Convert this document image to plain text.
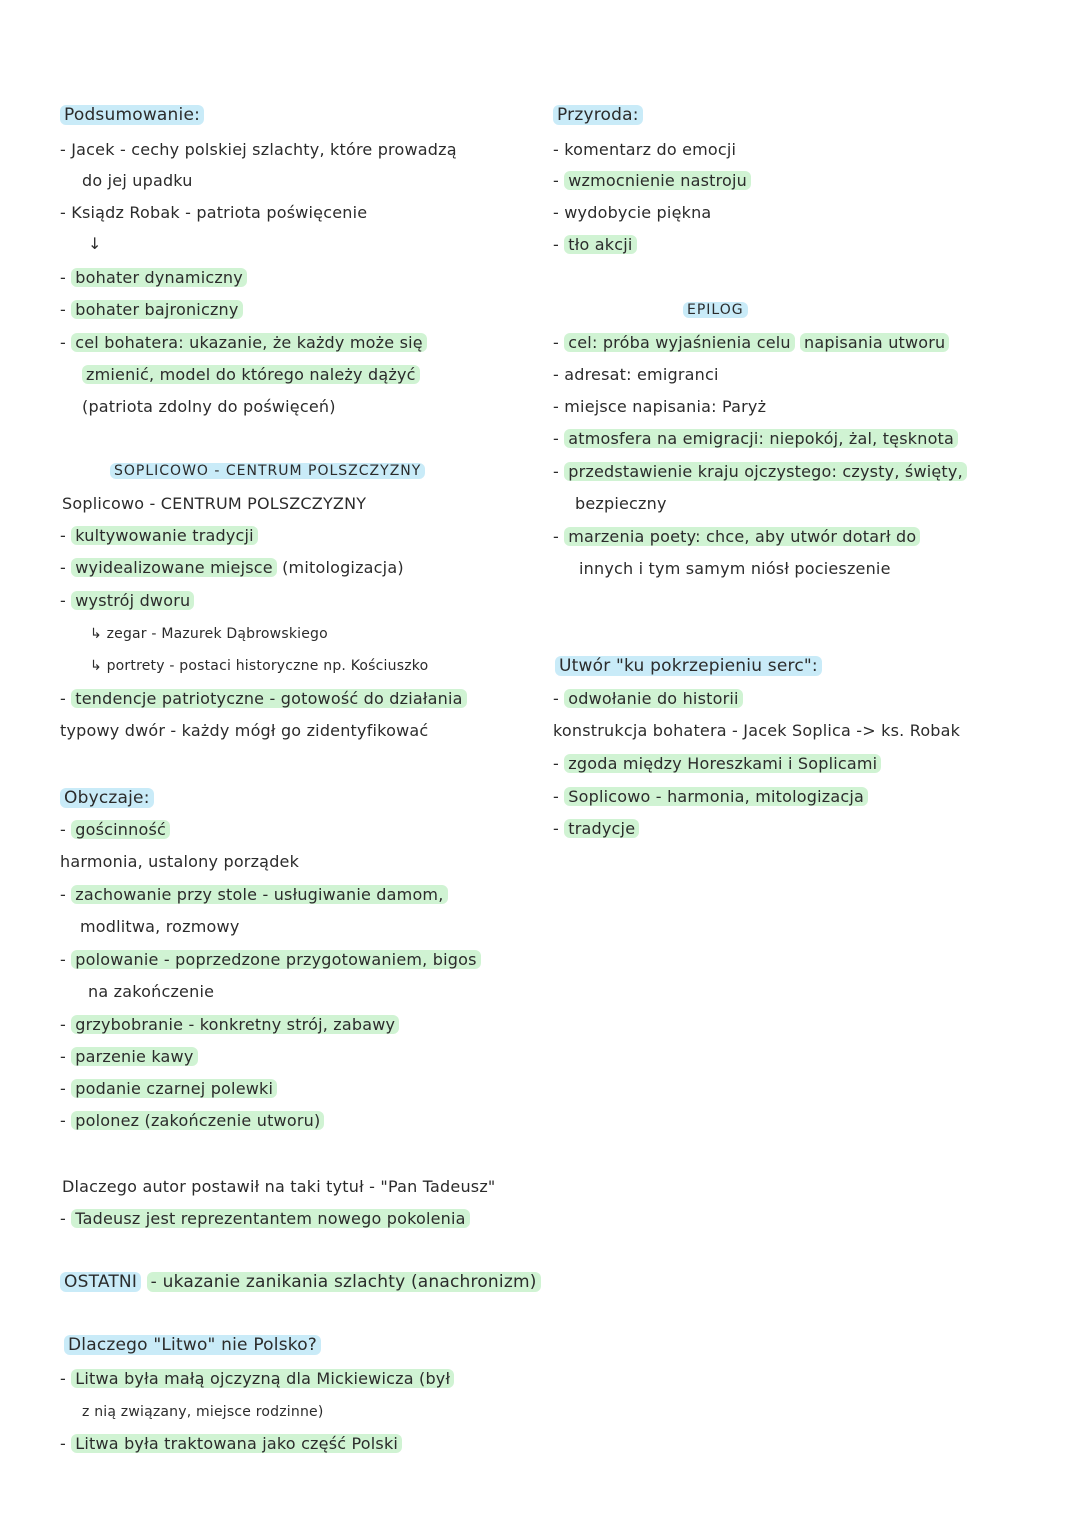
Podsumowanie:
- Jacek - cechy polskiej szlachty, które prowadzą
do jej upadku
- Ksiądz Robak - patriota poświęcenie
↓
- bohater dynamiczny
- bohater bajroniczny
- cel bohatera: ukazanie, że każdy może się
zmienić, model do którego należy dążyć
(patriota zdolny do poświęceń)
SOPLICOWO - CENTRUM POLSZCZYZNY
Soplicowo - CENTRUM POLSZCZYZNY
- kultywowanie tradycji
- wyidealizowane miejsce (mitologizacja)
- wystrój dworu
↳ zegar - Mazurek Dąbrowskiego
↳ portrety - postaci historyczne np. Kościuszko
- tendencje patriotyczne - gotowość do działania
typowy dwór - każdy mógł go zidentyfikować
Obyczaje:
- gościnność
harmonia, ustalony porządek
- zachowanie przy stole - usługiwanie damom,
modlitwa, rozmowy
- polowanie - poprzedzone przygotowaniem, bigos
na zakończenie
- grzybobranie - konkretny strój, zabawy
- parzenie kawy
- podanie czarnej polewki
- polonez (zakończenie utworu)
Dlaczego autor postawił na taki tytuł - "Pan Tadeusz"
- Tadeusz jest reprezentantem nowego pokolenia
OSTATNI - ukazanie zanikania szlachty (anachronizm)
Dlaczego "Litwo" nie Polsko?
- Litwa była małą ojczyzną dla Mickiewicza (był
z nią związany, miejsce rodzinne)
- Litwa była traktowana jako część Polski
Przyroda:
- komentarz do emocji
- wzmocnienie nastroju
- wydobycie piękna
- tło akcji
EPILOG
- cel: próba wyjaśnienia celu napisania utworu
- adresat: emigranci
- miejsce napisania: Paryż
- atmosfera na emigracji: niepokój, żal, tęsknota
- przedstawienie kraju ojczystego: czysty, święty,
bezpieczny
- marzenia poety: chce, aby utwór dotarł do
innych i tym samym niósł pocieszenie
Utwór "ku pokrzepieniu serc":
- odwołanie do historii
konstrukcja bohatera - Jacek Soplica -> ks. Robak
- zgoda między Horeszkami i Soplicami
- Soplicowo - harmonia, mitologizacja
- tradycje
